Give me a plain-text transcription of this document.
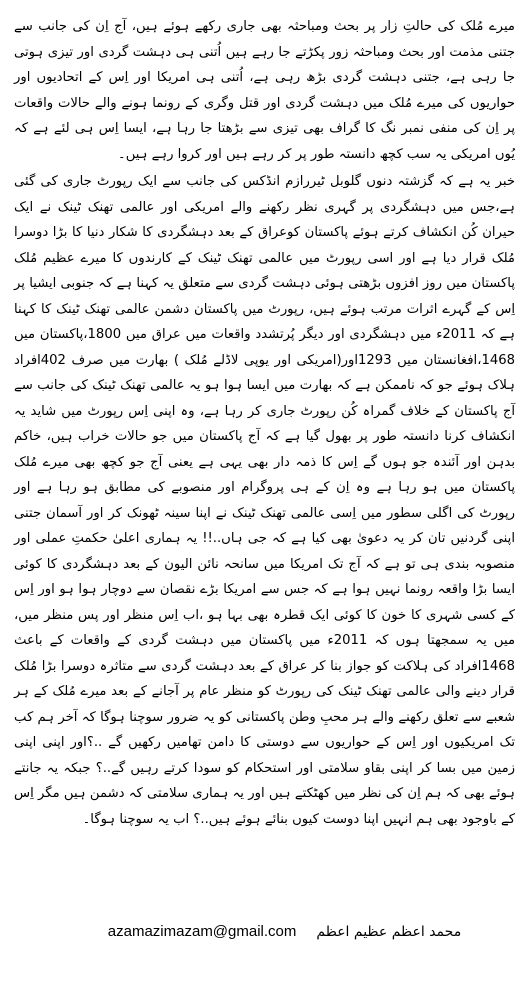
میرے مُلک کی حالتِ زار پر بحث ومباحثہ بھی جاری رکھے ہوئے ہیں، آج اِن کی جانب سے جتنی مذمت اور بحث ومباحثہ زور پکڑتے جا رہے ہیں اُتنی ہی دہشت گردی اور تیزی ہوتی جا رہی ہے، جتنی دہشت گردی بڑھ رہی ہے، اُتنی ہی امریکا اور اِس کے اتحادیوں اور حواریوں کی میرے مُلک میں دہشت گردی اور قتل وگری کے رونما ہونے والے حالات واقعات پر اِن کی منفی نمبر نگ کا گراف بھی تیزی سے بڑھتا جا رہا ہے، ایسا اِس ہی لئے ہے کہ یُوں امریکی یہ سب کچھ دانستہ طور پر کر رہے ہیں اور کروا رہے ہیں۔

خبر یہ ہے کہ گزشتہ دنوں گلوبل ٹیررازم انڈکس کی جانب سے ایک رپورٹ جاری کی گئی ہے،جس میں دہشگردی پر گہری نظر رکھنے والے امریکی اور عالمی تھنک ٹینک نے ایک حیران کُن انکشاف کرتے ہوئے پاکستان کوعراق کے بعد دہشگردی کا شکار دنیا کا بڑا دوسرا مُلک قرار دیا ہے اور اسی رپورٹ میں عالمی تھنک ٹینک کے کارندوں کا میرے عظیم مُلک پاکستان میں روز افزوں بڑھتی ہوئی دہشت گردی سے متعلق یہ کہنا ہے کہ جنوبی ایشیا پر اِس کے گہرے اثرات مرتب ہوئے ہیں، رپورٹ میں پاکستان دشمن عالمی تھنک ٹینک کا کہنا ہے کہ 2011ء میں دہشگردی اور دیگر پُرتشدد واقعات میں عراق میں 1800،پاکستان میں 1468،افغانستان میں 1293اور(امریکی اور یوپی لاڈلے مُلک ) بھارت میں صرف 402افراد ہلاک ہوئے جو کہ ناممکن ہے کہ بھارت میں ایسا ہوا ہو یہ عالمی تھنک ٹینک کی جانب سے آج پاکستان کے خلاف گمراہ کُن رپورٹ جاری کر رہا ہے، وہ اپنی اِس رپورٹ میں شاید یہ انکشاف کرنا دانستہ طور پر بھول گیا ہے کہ آج پاکستان میں جو حالات خراب ہیں، خاکم بدہن اور آئندہ جو ہوں گے اِس کا ذمہ دار بھی یہی ہے یعنی آج جو کچھ بھی میرے مُلک پاکستان میں ہو رہا ہے وہ اِن کے ہی پروگرام اور منصوبے کی مطابق ہو رہا ہے اور رپورٹ کی اگلی سطور میں اِسی عالمی تھنک ٹینک نے اپنا سینہ ٹھونک کر اور آسمان جتنی اپنی گردنیں تان کر یہ دعویٰ بھی کیا ہے کہ جی ہاں..!! یہ ہماری اعلیٰ حکمتِ عملی اور منصوبہ بندی ہی تو ہے کہ آج تک امریکا میں سانحہ نائن الیون کے بعد دہشگردی کا کوئی ایسا بڑا واقعہ رونما نہیں ہوا ہے کہ جس سے امریکا بڑے نقصان سے دوچار ہوا ہو اور اِس کے کسی شہری کا خون کا کوئی ایک قطرہ بھی بہا ہو ،اب اِس منظر اور پس منظر میں، میں یہ سمجھتا ہوں کہ 2011ء میں پاکستان میں دہشت گردی کے واقعات کے باعث 1468افراد کی ہلاکت کو جواز بنا کر عراق کے بعد دہشت گردی سے متاثرہ دوسرا بڑا مُلک قرار دینے والی عالمی تھنک ٹینک کی رپورٹ کو منظر عام پر آجانے کے بعد میرے مُلک کے ہر شعبے سے تعلق رکھنے والے ہر محبِ وطن پاکستانی کو یہ ضرور سوچنا ہوگا کہ آخر ہم کب تک امریکیوں اور اِس کے حواریوں سے دوستی کا دامن تھامیں رکھیں گے ..؟اور اپنی اپنی زمین میں بسا کر اپنی بقاو سلامتی اور استحکام کو سودا کرتے رہیں گے..؟ جبکہ یہ جانتے ہوئے بھی کہ ہم اِن کی نظر میں کھٹکتے ہیں اور یہ ہماری سلامتی کہ دشمن ہیں مگر اِس کے باوجود بھی ہم انہیں اپنا دوست کیوں بنائے ہوئے ہیں..؟ اب یہ سوچنا ہوگا۔

azamazimazam@gmail.com محمد اعظم عظیم اعظم
